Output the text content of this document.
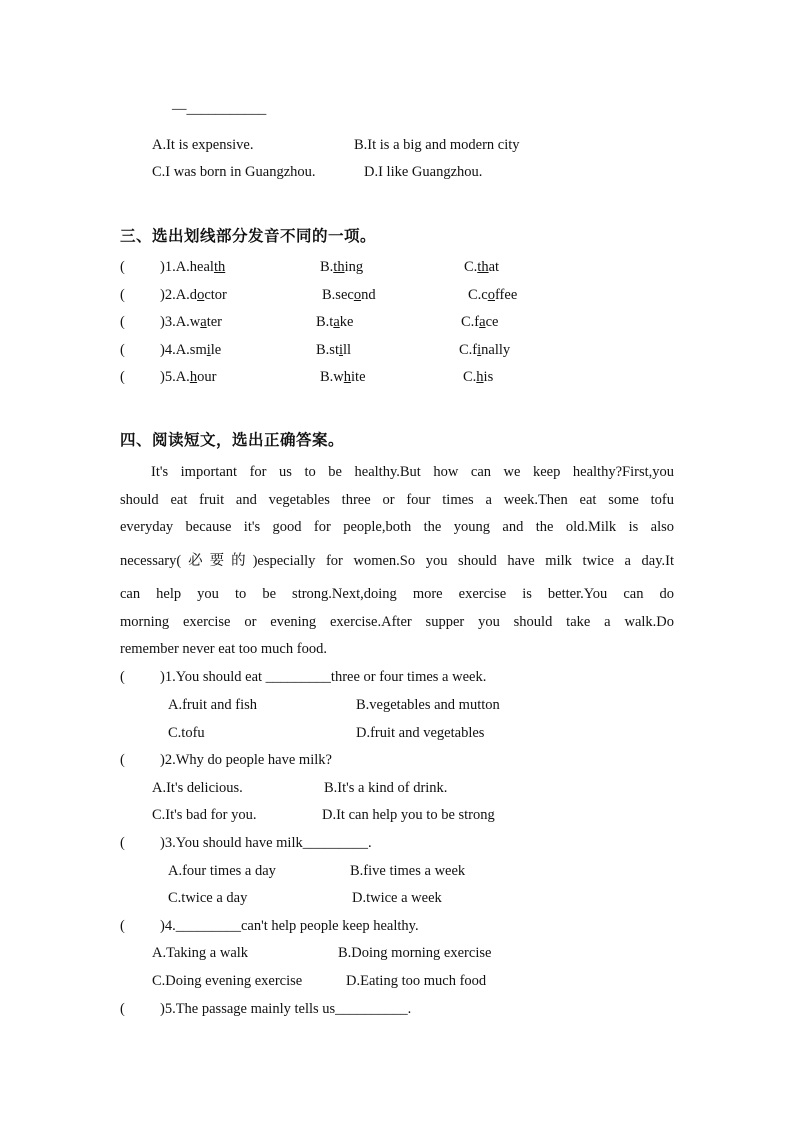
—___________
A.It is expensive.	B.It is a big and modern city
C.I was born in Guangzhou.	D.I like Guangzhou.
三、选出划线部分发音不同的一项。
( )1.A.health	B.thing	C.that
( )2.A.doctor	B.second	C.coffee
( )3.A.water	B.take	C.face
( )4.A.smile	B.still	C.finally
( )5.A.hour	B.white	C.his
四、阅读短文，选出正确答案。
It's important for us to be healthy.But how can we keep healthy?First,you
should eat fruit and vegetables three or four times a week.Then eat some tofu
everyday because it's good for people,both the young and the old.Milk is also
necessary(必要的)especially for women.So you should have milk twice a day.It
can help you to be strong.Next,doing more exercise is better.You can do
morning exercise or evening exercise.After supper you should take a walk.Do
remember never eat too much food.
( )1.You should eat _________three or four times a week.
A.fruit and fish	B.vegetables and mutton
C.tofu	D.fruit and vegetables
( )2.Why do people have milk?
A.It's delicious.	B.It's a kind of drink.
C.It's bad for you.	D.It can help you to be strong
( )3.You should have milk_________.
A.four times a day	B.five times a week
C.twice a day	D.twice a week
( )4._________can't help people keep healthy.
A.Taking a walk	B.Doing morning exercise
C.Doing evening exercise	D.Eating too much food
( )5.The passage mainly tells us__________.
